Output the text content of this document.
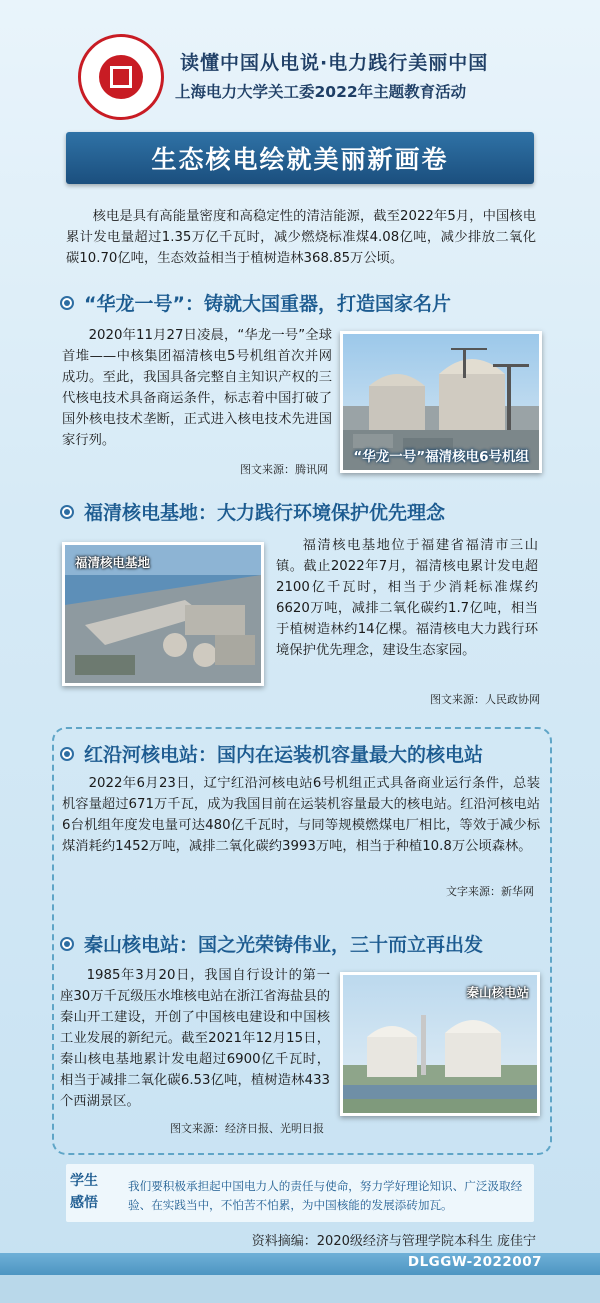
读懂中国从电说·电力践行美丽中国
上海电力大学关工委2022年主题教育活动
生态核电绘就美丽新画卷

核电是具有高能量密度和高稳定性的清洁能源，截至2022年5月，中国核电累计发电量超过1.35万亿千瓦时，减少燃烧标准煤4.08亿吨，减少排放二氧化碳10.70亿吨，生态效益相当于植树造林368.85万公顷。

“华龙一号”：铸就大国重器，打造国家名片

2020年11月27日凌晨，“华龙一号”全球首堆——中核集团福清核电5号机组首次并网成功。至此，我国具备完整自主知识产权的三代核电技术具备商运条件，标志着中国打破了国外核电技术垄断，正式进入核电技术先进国家行列。

“华龙一号”福清核电6号机组
图文来源：腾讯网
福清核电基地：大力践行环境保护优先理念
福清核电基地

福清核电基地位于福建省福清市三山镇。截止2022年7月，福清核电累计发电超2100亿千瓦时，相当于少消耗标准煤约6620万吨，减排二氧化碳约1.7亿吨，相当于植树造林约14亿棵。福清核电大力践行环境保护优先理念，建设生态家园。

图文来源：人民政协网
红沿河核电站：国内在运装机容量最大的核电站

2022年6月23日，辽宁红沿河核电站6号机组正式具备商业运行条件，总装机容量超过671万千瓦，成为我国目前在运装机容量最大的核电站。红沿河核电站6台机组年度发电量可达480亿千瓦时，与同等规模燃煤电厂相比，等效于减少标煤消耗约1452万吨，减排二氧化碳约3993万吨，相当于种植10.8万公顷森林。

文字来源：新华网
秦山核电站：国之光荣铸伟业，三十而立再出发

1985年3月20日，我国自行设计的第一座30万千瓦级压水堆核电站在浙江省海盐县的秦山开工建设，开创了中国核电建设和中国核工业发展的新纪元。截至2021年12月15日，秦山核电基地累计发电超过6900亿千瓦时，相当于减排二氧化碳6.53亿吨，植树造林433个西湖景区。

秦山核电站
图文来源：经济日报、光明日报
学生感悟
我们要积极承担起中国电力人的责任与使命，努力学好理论知识、广泛汲取经验、在实践当中，不怕苦不怕累，为中国核能的发展添砖加瓦。
资料摘编：2020级经济与管理学院本科生 庞佳宁
DLGGW-2022007
